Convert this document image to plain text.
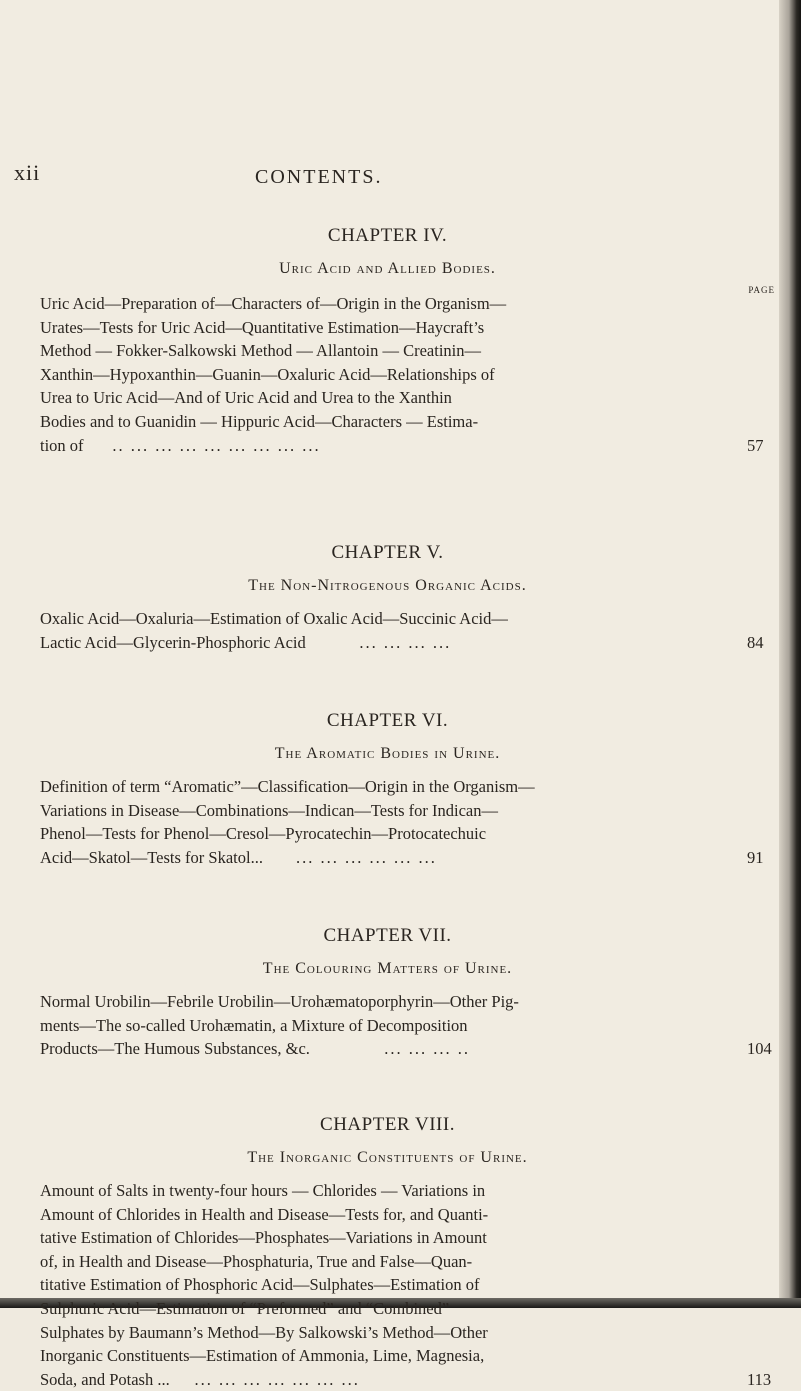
xii	CONTENTS.
CHAPTER IV.
Uric Acid and Allied Bodies.
PAGE
Uric Acid—Preparation of—Characters of—Origin in the Organism—
Urates—Tests for Uric Acid—Quantitative Estimation—Haycraft’s
Method — Fokker-Salkowski Method — Allantoin — Creatinin—
Xanthin—Hypoxanthin—Guanin—Oxaluric Acid—Relationships of
Urea to Uric Acid—And of Uric Acid and Urea to the Xanthin
Bodies and to Guanidin — Hippuric Acid—Characters — Estima-
tion of .. ... ... ... ... ... ... ... ...	57
CHAPTER V.
The Non-Nitrogenous Organic Acids.
Oxalic Acid—Oxaluria—Estimation of Oxalic Acid—Succinic Acid—
Lactic Acid—Glycerin-Phosphoric Acid	... ... ... ...	84
CHAPTER VI.
The Aromatic Bodies in Urine.
Definition of term “Aromatic”—Classification—Origin in the Organism—
Variations in Disease—Combinations—Indican—Tests for Indican—
Phenol—Tests for Phenol—Cresol—Pyrocatechin—Protocatechuic
Acid—Skatol—Tests for Skatol... ... ... ... ... ... ...	91
CHAPTER VII.
The Colouring Matters of Urine.
Normal Urobilin—Febrile Urobilin—Urohæmatoporphyrin—Other Pig-
ments—The so-called Urohæmatin, a Mixture of Decomposition
Products—The Humous Substances, &c.	... ... ... ..	104
CHAPTER VIII.
The Inorganic Constituents of Urine.
Amount of Salts in twenty-four hours — Chlorides — Variations in
Amount of Chlorides in Health and Disease—Tests for, and Quanti-
tative Estimation of Chlorides—Phosphates—Variations in Amount
of, in Health and Disease—Phosphaturia, True and False—Quan-
titative Estimation of Phosphoric Acid—Sulphates—Estimation of
Sulphuric Acid—Estimation of “Preformed” and “Combined”
Sulphates by Baumann’s Method—By Salkowski’s Method—Other
Inorganic Constituents—Estimation of Ammonia, Lime, Magnesia,
Soda, and Potash ... ... ... ... ... ... ... ...	113
